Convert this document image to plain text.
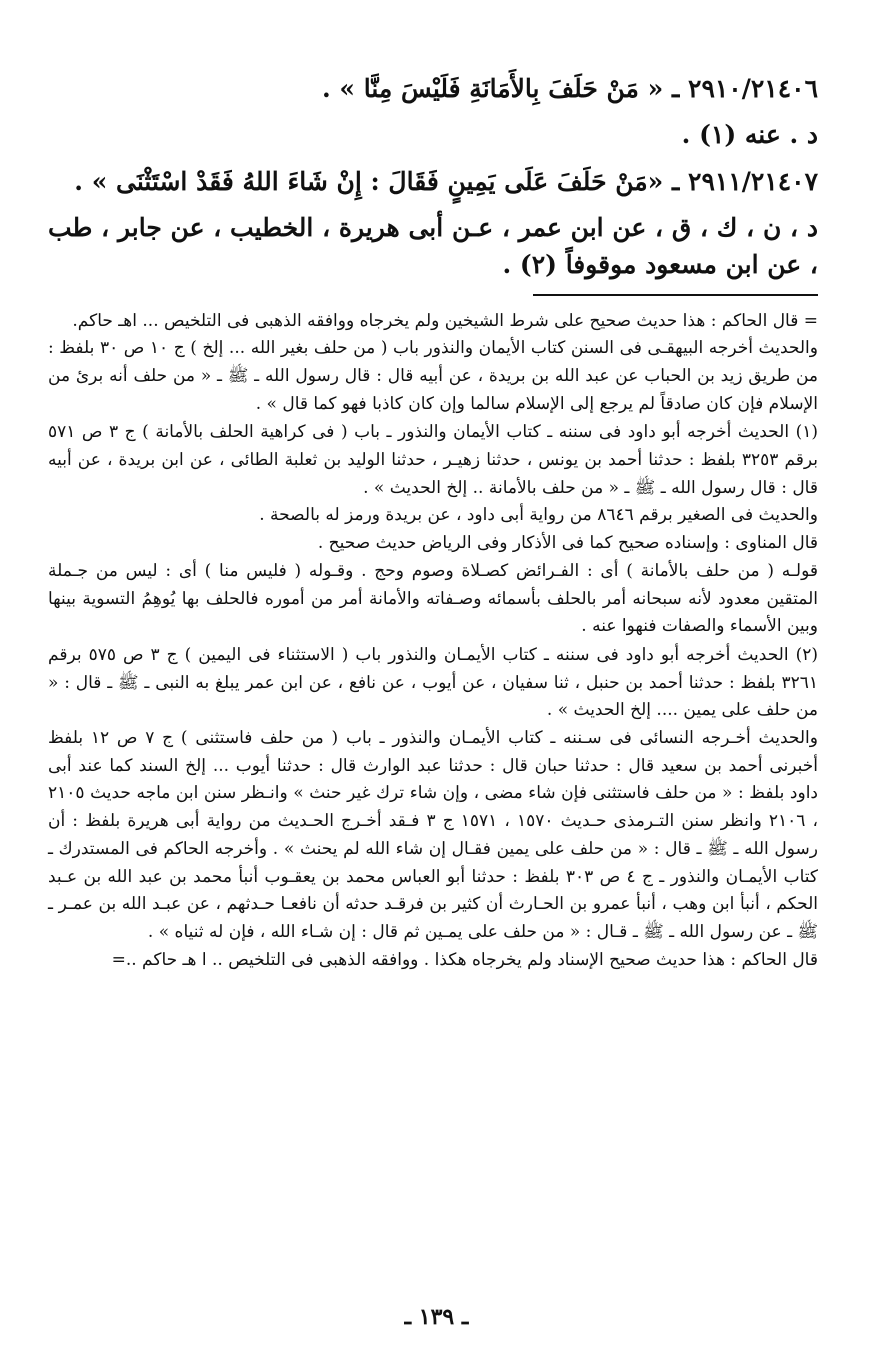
٢٩١٠/٢١٤٠٦ ـ « مَنْ حَلَفَ بِالأَمَانَةِ فَلَيْسَ مِنَّا » .

د . عنه (١) .

٢٩١١/٢١٤٠٧ ـ «مَنْ حَلَفَ عَلَى يَمِينٍ فَقَالَ : إِنْ شَاءَ اللهُ فَقَدْ اسْتَثْنَى » .

د ، ن ، ك ، ق ، عن ابن عمر ، عـن أبى هريرة ، الخطيب ، عن جابر ، طب ، عن ابن مسعود موقوفاً (٢) .

= قال الحاكم : هذا حديث صحيح على شرط الشيخين ولم يخرجاه ووافقه الذهبى فى التلخيص ... اهـ حاكم.

والحديث أخرجه البيهقـى فى السنن كتاب الأيمان والنذور باب ( من حلف بغير الله ... إلخ ) ج ١٠ ص ٣٠ بلفظ : من طريق زيد بن الحباب عن عبد الله بن بريدة ، عن أبيه قال : قال رسول الله ـ ﷺ ـ « من حلف أنه برئ من الإسلام فإن كان صادقاً لم يرجع إلى الإسلام سالما وإن كان كاذبا فهو كما قال » .

(١) الحديث أخرجه أبو داود فى سننه ـ كتاب الأيمان والنذور ـ باب ( فى كراهية الحلف بالأمانة ) ج ٣ ص ٥٧١ برقم ٣٢٥٣ بلفظ : حدثنا أحمد بن يونس ، حدثنا زهيـر ، حدثنا الوليد بن ثعلبة الطائى ، عن ابن بريدة ، عن أبيه قال : قال رسول الله ـ ﷺ ـ « من حلف بالأمانة .. إلخ الحديث » .

والحديث فى الصغير برقم ٨٦٤٦ من رواية أبى داود ، عن بريدة ورمز له بالصحة .

قال المناوى : وإسناده صحيح كما فى الأذكار وفى الرياض حديث صحيح .

قولـه ( من حلف بالأمانة ) أى : الفـرائض كصـلاة وصوم وحج . وقـوله ( فليس منا ) أى : ليس من جـملة المتقين معدود لأنه سبحانه أمر بالحلف بأسمائه وصـفاته والأمانة أمر من أموره فالحلف بها يُوهِمُ التسوية بينها وبين الأسماء والصفات فنهوا عنه .

(٢) الحديث أخرجه أبو داود فى سننه ـ كتاب الأيمـان والنذور باب ( الاستثناء فى اليمين ) ج ٣ ص ٥٧٥ برقم ٣٢٦١ بلفظ : حدثنا أحمد بن حنبل ، ثنا سفيان ، عن أيوب ، عن نافع ، عن ابن عمر يبلغ به النبى ـ ﷺ ـ قال : « من حلف على يمين .... إلخ الحديث » .

والحديث أخـرجه النسائى فى سـننه ـ كتاب الأيمـان والنذور ـ باب ( من حلف فاستثنى ) ج ٧ ص ١٢ بلفظ أخبرنى أحمد بن سعيد قال : حدثنا حبان قال : حدثنا عبد الوارث قال : حدثنا أيوب ... إلخ السند كما عند أبى داود بلفظ : « من حلف فاستثنى فإن شاء مضى ، وإن شاء ترك غير حنث » وانـظر سنن ابن ماجه حديث ٢١٠٥ ، ٢١٠٦ وانظر سنن التـرمذى حـديث ١٥٧٠ ، ١٥٧١ ج ٣ فـقد أخـرج الحـديث من رواية أبى هريرة بلفظ : أن رسول الله ـ ﷺ ـ قال : « من حلف على يمين فقـال إن شاء الله لم يحنث » . وأخرجه الحاكم فى المستدرك ـ كتاب الأيمـان والنذور ـ ج ٤ ص ٣٠٣ بلفظ : حدثنا أبو العباس محمد بن يعقـوب أنبأ محمد بن عبد الله بن عـبد الحكم ، أنبأ ابن وهب ، أنبأ عمرو بن الحـارث أن كثير بن فرقـد حدثه أن نافعـا حـدثهم ، عن عبـد الله بن عمـر ـ ﷺ ـ عن رسول الله ـ ﷺ ـ قـال : « من حلف على يمـين ثم قال : إن شـاء الله ، فإن له ثنياه » .

قال الحاكم : هذا حديث صحيح الإسناد ولم يخرجاه هكذا . ووافقه الذهبى فى التلخيص .. ا هـ حاكم ..=

ـ ١٣٩ ـ
